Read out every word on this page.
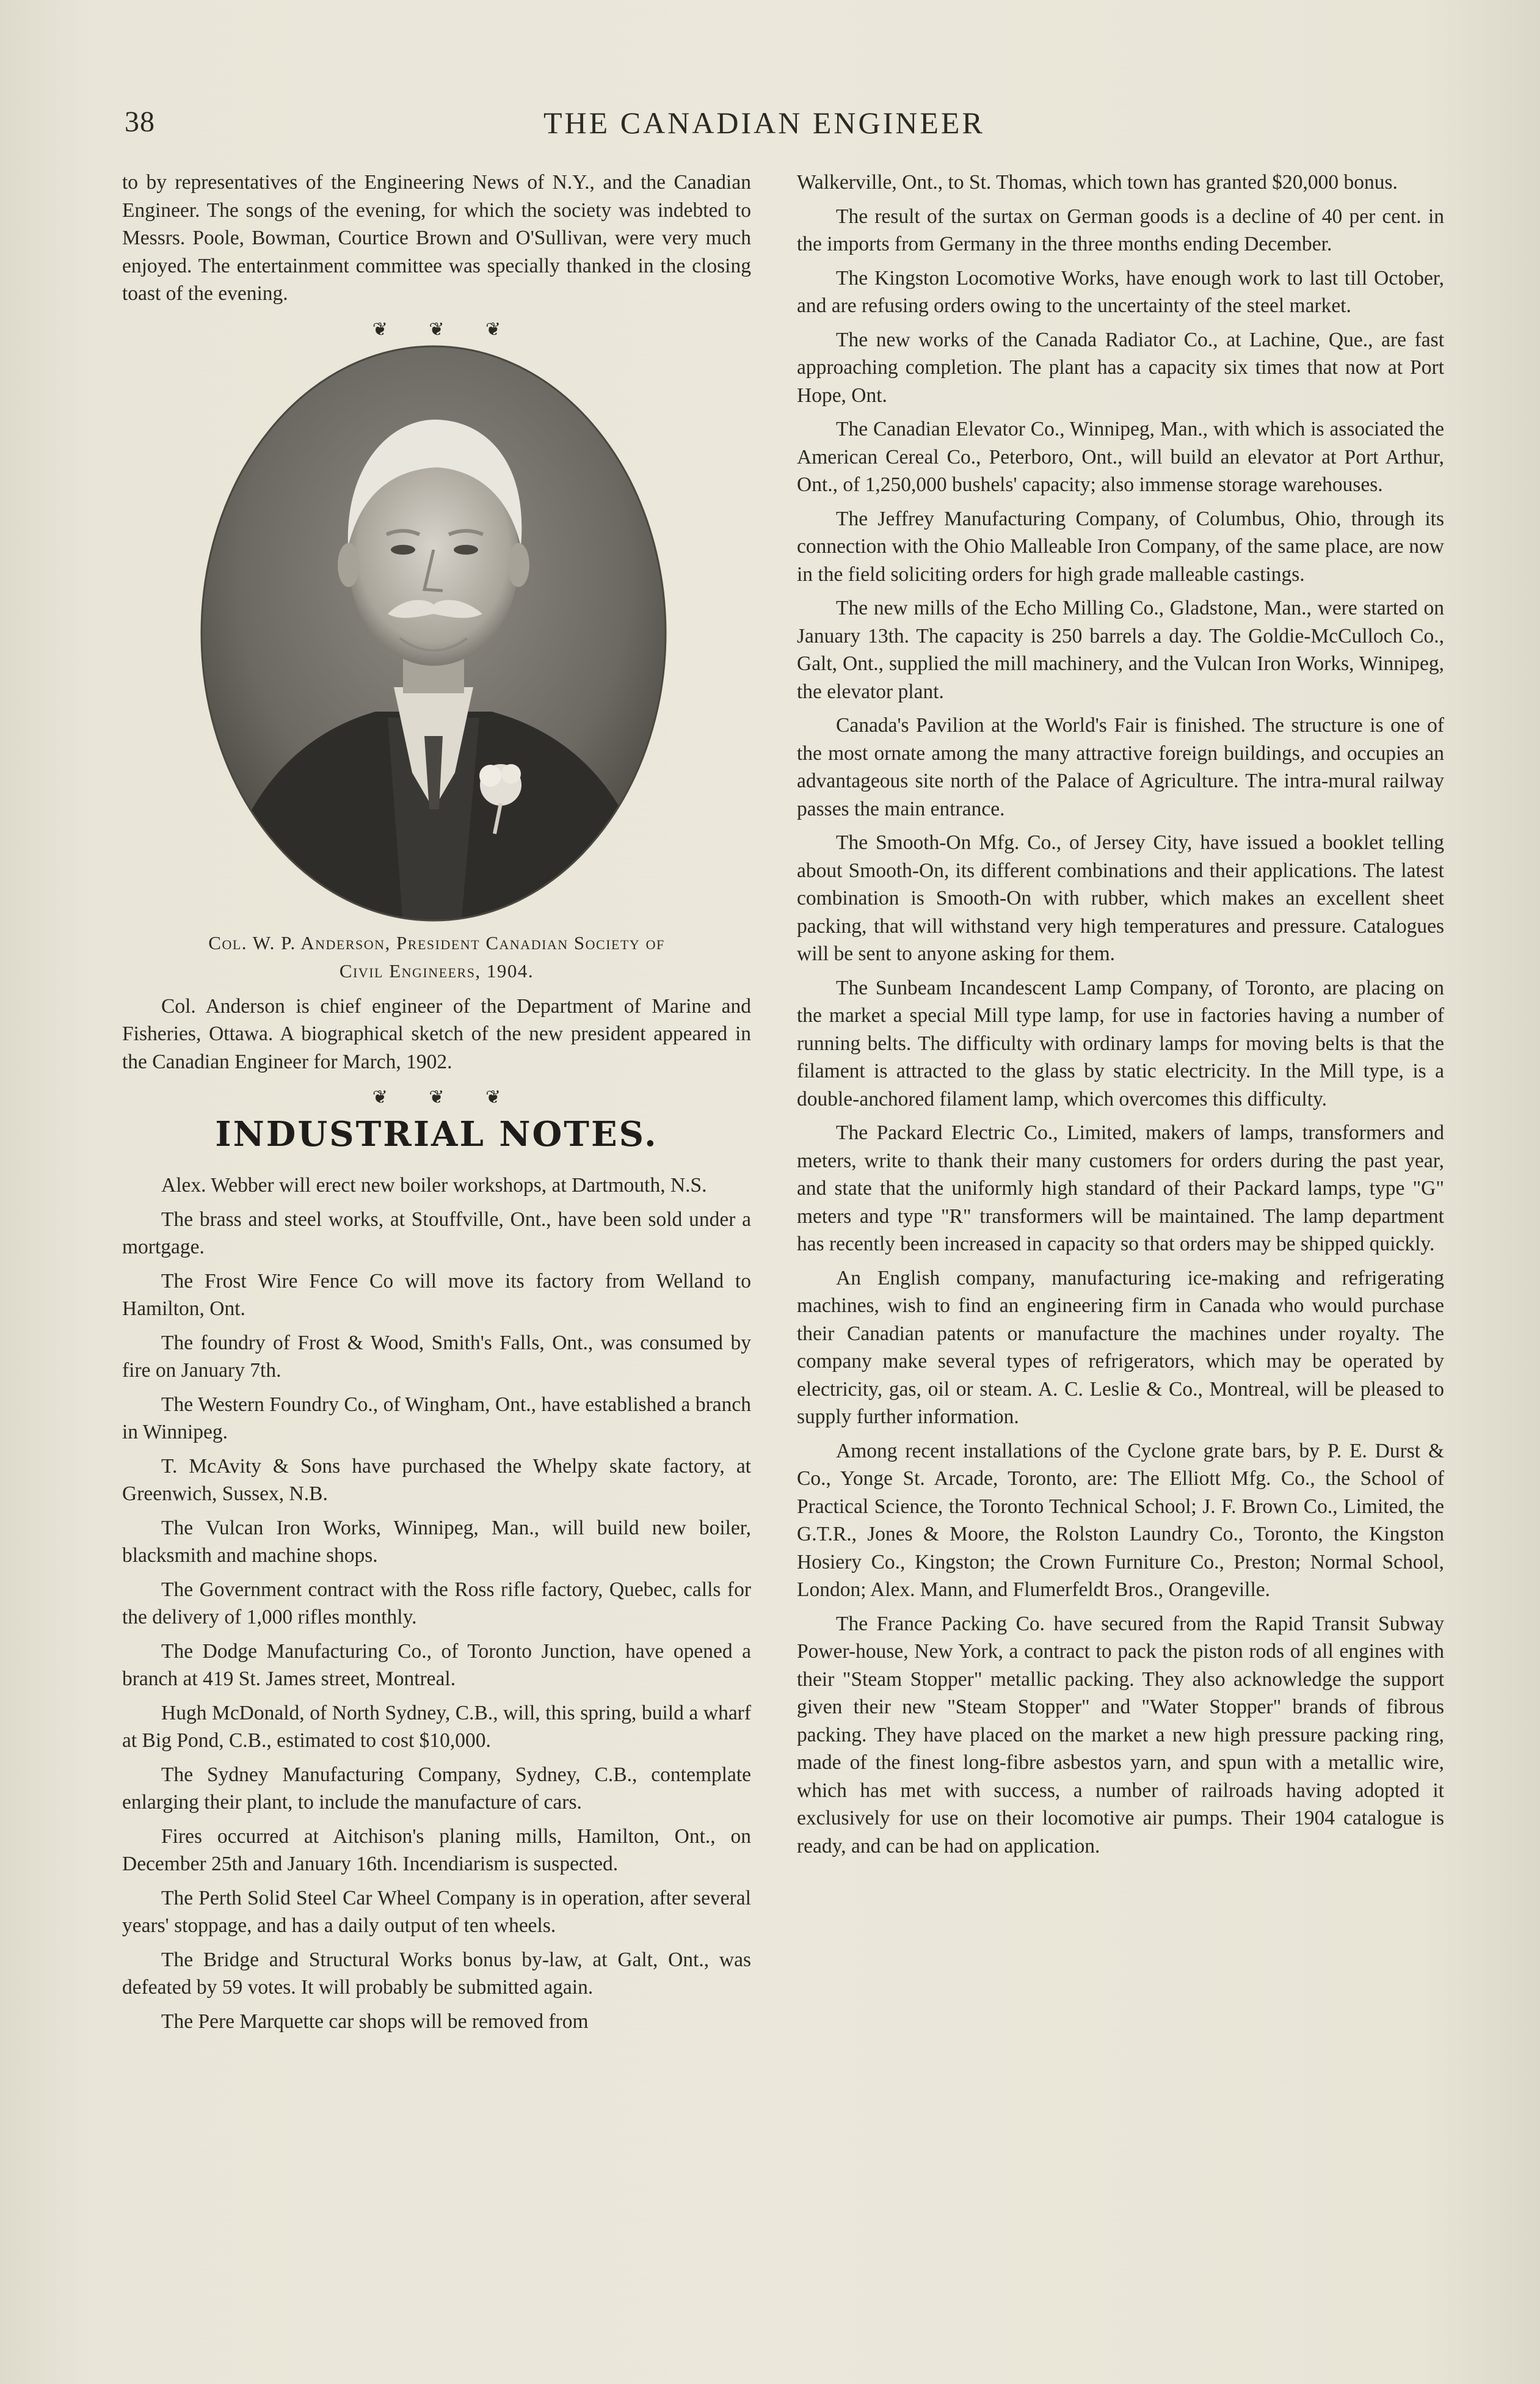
38	THE CANADIAN ENGINEER

to by representatives of the Engineering News of N.Y., and the Canadian Engineer. The songs of the evening, for which the society was indebted to Messrs. Poole, Bowman, Courtice Brown and O'Sullivan, were very much enjoyed. The entertainment committee was specially thanked in the closing toast of the evening.

❦ ❦ ❦
Col. W. P. Anderson, President Canadian Society of
Civil Engineers, 1904.

Col. Anderson is chief engineer of the Department of Marine and Fisheries, Ottawa. A biographical sketch of the new president appeared in the Canadian Engineer for March, 1902.

❦ ❦ ❦
INDUSTRIAL NOTES.

Alex. Webber will erect new boiler workshops, at Dartmouth, N.S.

The brass and steel works, at Stouffville, Ont., have been sold under a mortgage.

The Frost Wire Fence Co will move its factory from Welland to Hamilton, Ont.

The foundry of Frost & Wood, Smith's Falls, Ont., was consumed by fire on January 7th.

The Western Foundry Co., of Wingham, Ont., have established a branch in Winnipeg.

T. McAvity & Sons have purchased the Whelpy skate factory, at Greenwich, Sussex, N.B.

The Vulcan Iron Works, Winnipeg, Man., will build new boiler, blacksmith and machine shops.

The Government contract with the Ross rifle factory, Quebec, calls for the delivery of 1,000 rifles monthly.

The Dodge Manufacturing Co., of Toronto Junction, have opened a branch at 419 St. James street, Montreal.

Hugh McDonald, of North Sydney, C.B., will, this spring, build a wharf at Big Pond, C.B., estimated to cost $10,000.

The Sydney Manufacturing Company, Sydney, C.B., contemplate enlarging their plant, to include the manufacture of cars.

Fires occurred at Aitchison's planing mills, Hamilton, Ont., on December 25th and January 16th. Incendiarism is suspected.

The Perth Solid Steel Car Wheel Company is in operation, after several years' stoppage, and has a daily output of ten wheels.

The Bridge and Structural Works bonus by-law, at Galt, Ont., was defeated by 59 votes. It will probably be submitted again.

The Pere Marquette car shops will be removed from

Walkerville, Ont., to St. Thomas, which town has granted $20,000 bonus.

The result of the surtax on German goods is a decline of 40 per cent. in the imports from Germany in the three months ending December.

The Kingston Locomotive Works, have enough work to last till October, and are refusing orders owing to the uncertainty of the steel market.

The new works of the Canada Radiator Co., at Lachine, Que., are fast approaching completion. The plant has a capacity six times that now at Port Hope, Ont.

The Canadian Elevator Co., Winnipeg, Man., with which is associated the American Cereal Co., Peterboro, Ont., will build an elevator at Port Arthur, Ont., of 1,250,000 bushels' capacity; also immense storage warehouses.

The Jeffrey Manufacturing Company, of Columbus, Ohio, through its connection with the Ohio Malleable Iron Company, of the same place, are now in the field soliciting orders for high grade malleable castings.

The new mills of the Echo Milling Co., Gladstone, Man., were started on January 13th. The capacity is 250 barrels a day. The Goldie-McCulloch Co., Galt, Ont., supplied the mill machinery, and the Vulcan Iron Works, Winnipeg, the elevator plant.

Canada's Pavilion at the World's Fair is finished. The structure is one of the most ornate among the many attractive foreign buildings, and occupies an advantageous site north of the Palace of Agriculture. The intra-mural railway passes the main entrance.

The Smooth-On Mfg. Co., of Jersey City, have issued a booklet telling about Smooth-On, its different combinations and their applications. The latest combination is Smooth-On with rubber, which makes an excellent sheet packing, that will withstand very high temperatures and pressure. Catalogues will be sent to anyone asking for them.

The Sunbeam Incandescent Lamp Company, of Toronto, are placing on the market a special Mill type lamp, for use in factories having a number of running belts. The difficulty with ordinary lamps for moving belts is that the filament is attracted to the glass by static electricity. In the Mill type, is a double-anchored filament lamp, which overcomes this difficulty.

The Packard Electric Co., Limited, makers of lamps, transformers and meters, write to thank their many customers for orders during the past year, and state that the uniformly high standard of their Packard lamps, type "G" meters and type "R" transformers will be maintained. The lamp department has recently been increased in capacity so that orders may be shipped quickly.

An English company, manufacturing ice-making and refrigerating machines, wish to find an engineering firm in Canada who would purchase their Canadian patents or manufacture the machines under royalty. The company make several types of refrigerators, which may be operated by electricity, gas, oil or steam. A. C. Leslie & Co., Montreal, will be pleased to supply further information.

Among recent installations of the Cyclone grate bars, by P. E. Durst & Co., Yonge St. Arcade, Toronto, are: The Elliott Mfg. Co., the School of Practical Science, the Toronto Technical School; J. F. Brown Co., Limited, the G.T.R., Jones & Moore, the Rolston Laundry Co., Toronto, the Kingston Hosiery Co., Kingston; the Crown Furniture Co., Preston; Normal School, London; Alex. Mann, and Flumerfeldt Bros., Orangeville.

The France Packing Co. have secured from the Rapid Transit Subway Power-house, New York, a contract to pack the piston rods of all engines with their "Steam Stopper" metallic packing. They also acknowledge the support given their new "Steam Stopper" and "Water Stopper" brands of fibrous packing. They have placed on the market a new high pressure packing ring, made of the finest long-fibre asbestos yarn, and spun with a metallic wire, which has met with success, a number of railroads having adopted it exclusively for use on their locomotive air pumps. Their 1904 catalogue is ready, and can be had on application.
